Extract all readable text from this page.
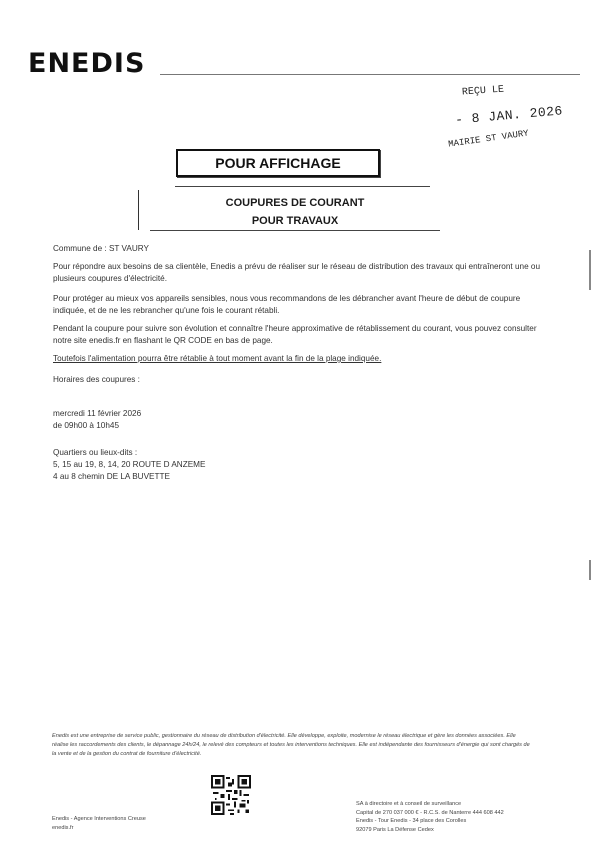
ENEDIS
REÇU LE
- 8 JAN. 2026
MAIRIE ST VAURY
POUR AFFICHAGE
COUPURES DE COURANT
POUR TRAVAUX
Commune de : ST VAURY
Pour répondre aux besoins de sa clientèle, Enedis a prévu de réaliser sur le réseau de distribution des travaux qui entraîneront une ou plusieurs coupures d'électricité.
Pour protéger au mieux vos appareils sensibles, nous vous recommandons de les débrancher avant l'heure de début de coupure indiquée, et de ne les rebrancher qu'une fois le courant rétabli.
Pendant la coupure pour suivre son évolution et connaître l'heure approximative de rétablissement du courant, vous pouvez consulter notre site enedis.fr en flashant le QR CODE en bas de page.
Toutefois l'alimentation pourra être rétablie à tout moment avant la fin de la plage indiquée.
Horaires des coupures :
mercredi 11 février 2026
de 09h00 à 10h45
Quartiers ou lieux-dits :
5, 15 au 19, 8, 14, 20 ROUTE D ANZEME
4 au 8 chemin DE LA BUVETTE
Enedis est une entreprise de service public, gestionnaire du réseau de distribution d'électricité. Elle développe, exploite, modernise le réseau électrique et gère les données associées. Elle réalise les raccordements des clients, le dépannage 24h/24, le relevé des compteurs et toutes les interventions techniques. Elle est indépendante des fournisseurs d'énergie qui sont chargés de la vente et de la gestion du contrat de fourniture d'électricité.
Enedis - Agence Interventions Creuse
enedis.fr
SA à directoire et à conseil de surveillance
Capital de 270 037 000 € - R.C.S. de Nanterre 444 608 442
Enedis - Tour Enedis - 34 place des Corolles
92079 Paris La Défense Cedex
